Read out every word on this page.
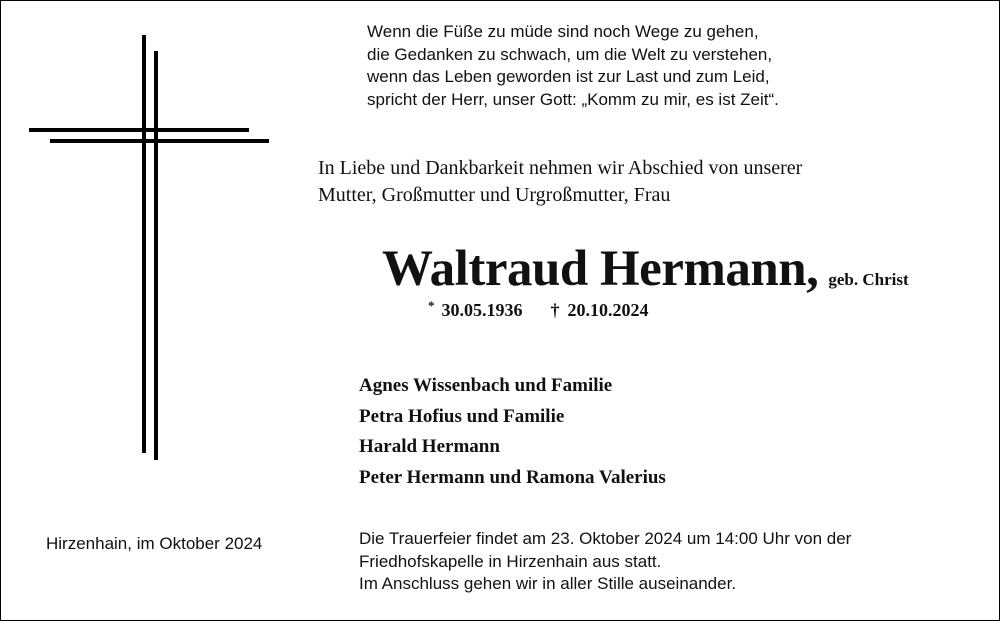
Wenn die Füße zu müde sind noch Wege zu gehen,
die Gedanken zu schwach, um die Welt zu verstehen,
wenn das Leben geworden ist zur Last und zum Leid,
spricht der Herr, unser Gott: „Komm zu mir, es ist Zeit“.
In Liebe und Dankbarkeit nehmen wir Abschied von unserer
Mutter, Großmutter und Urgroßmutter, Frau
Waltraud Hermann, geb. Christ
* 30.05.1936 † 20.10.2024
Agnes Wissenbach und Familie
Petra Hofius und Familie
Harald Hermann
Peter Hermann und Ramona Valerius
Hirzenhain, im Oktober 2024	Die Trauerfeier findet am 23. Oktober 2024 um 14:00 Uhr von der
Friedhofskapelle in Hirzenhain aus statt.
Im Anschluss gehen wir in aller Stille auseinander.
